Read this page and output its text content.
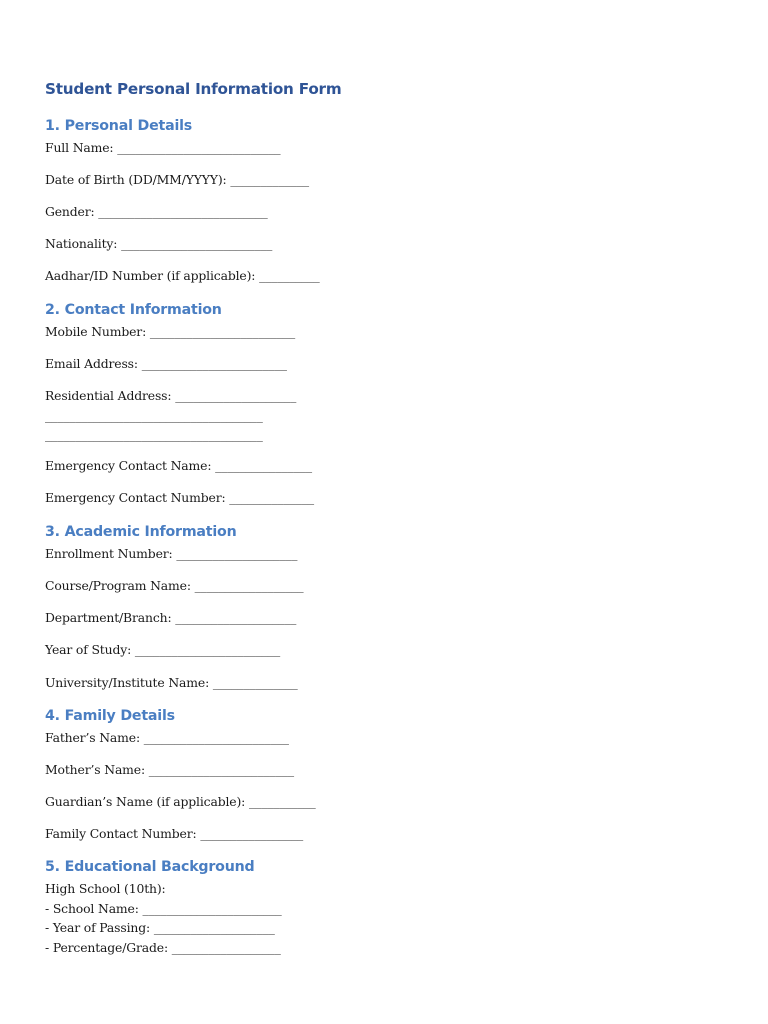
Student Personal Information Form
1. Personal Details

Full Name: ___________________________

Date of Birth (DD/MM/YYYY): _____________

Gender: ____________________________

Nationality: _________________________

Aadhar/ID Number (if applicable): __________

2. Contact Information

Mobile Number: ________________________

Email Address: ________________________

Residential Address: ____________________

____________________________________

____________________________________

Emergency Contact Name: ________________

Emergency Contact Number: ______________

3. Academic Information

Enrollment Number: ____________________

Course/Program Name: __________________

Department/Branch: ____________________

Year of Study: ________________________

University/Institute Name: ______________

4. Family Details

Father’s Name: ________________________

Mother’s Name: ________________________

Guardian’s Name (if applicable): ___________

Family Contact Number: _________________

5. Educational Background

High School (10th):

- School Name: _______________________

- Year of Passing: ____________________

- Percentage/Grade: __________________
